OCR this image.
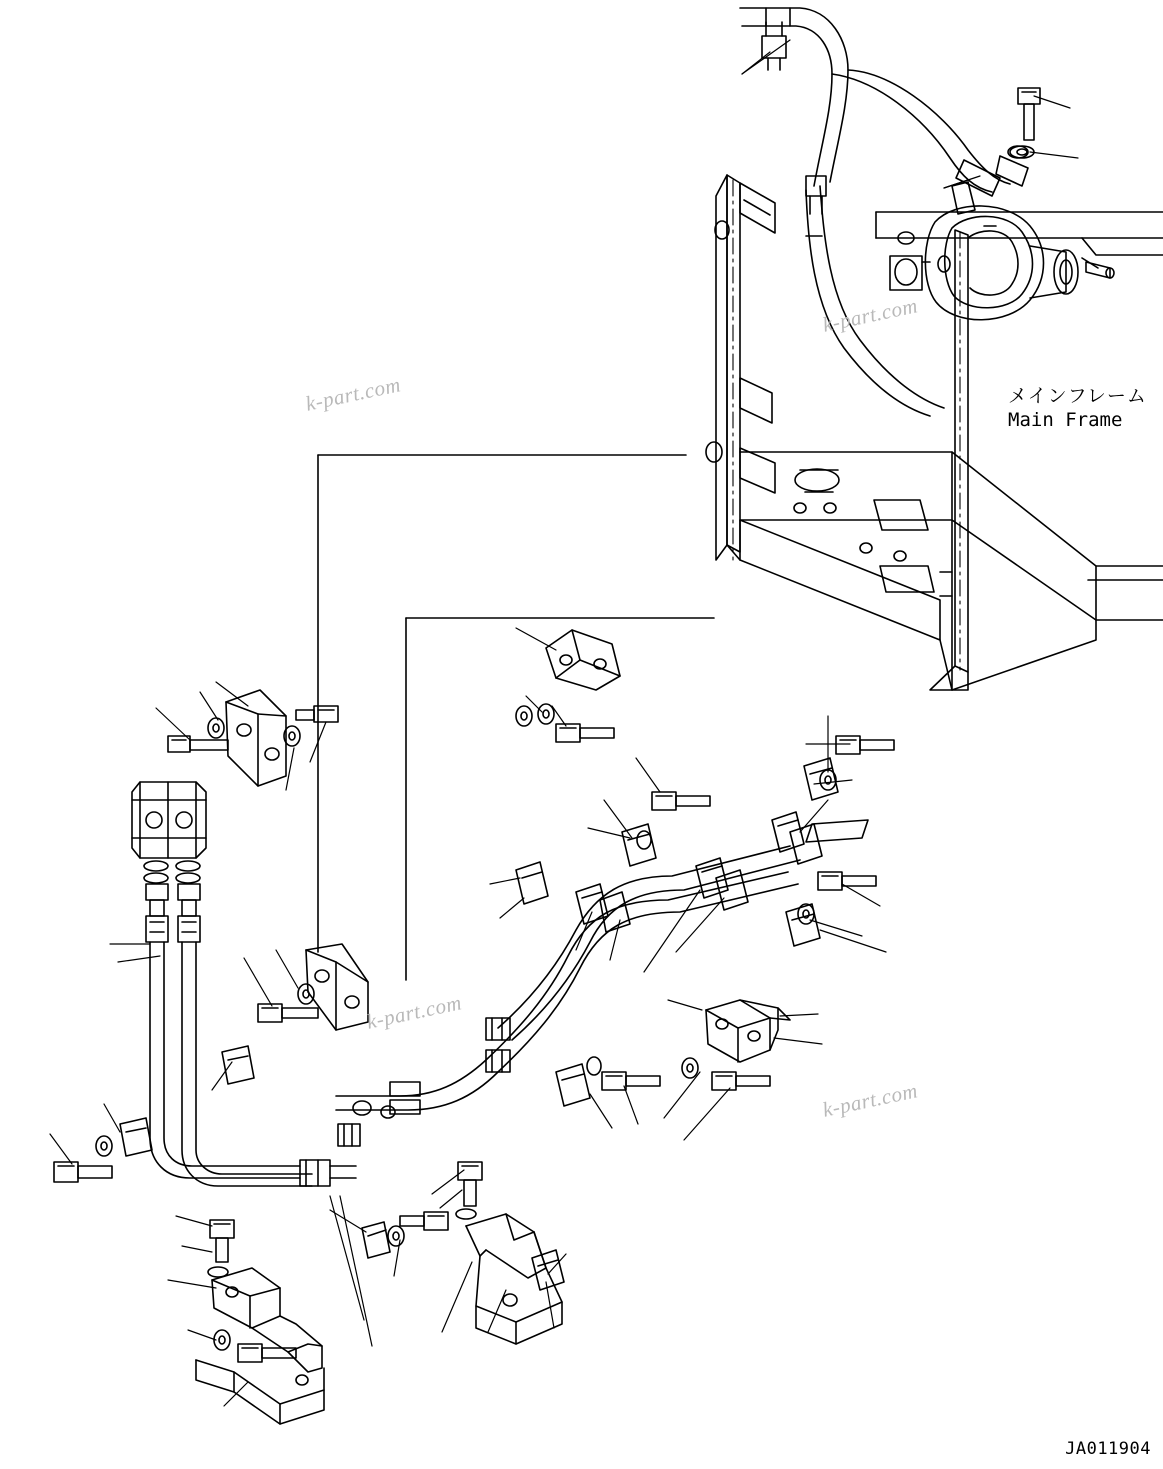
k-part.com
k-part.com
k-part.com
k-part.com
メインフレーム
Main Frame
JA011904
